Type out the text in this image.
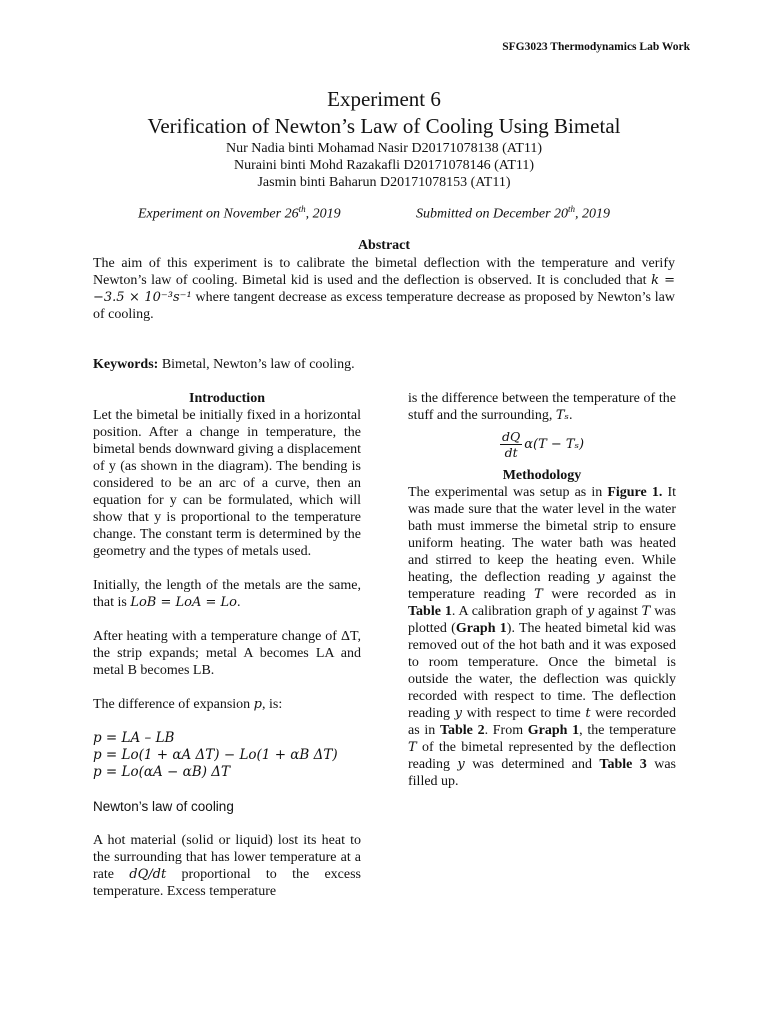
SFG3023 Thermodynamics Lab Work
Experiment 6
Verification of Newton’s Law of Cooling Using Bimetal
Nur Nadia binti Mohamad Nasir D20171078138 (AT11)
Nuraini binti Mohd Razakafli D20171078146 (AT11)
Jasmin binti Baharun D20171078153 (AT11)
Experiment on November 26th, 2019	Submitted on December 20th, 2019
Abstract
The aim of this experiment is to calibrate the bimetal deflection with the temperature and verify Newton’s law of cooling. Bimetal kid is used and the deflection is observed. It is concluded that k = −3.5 × 10⁻³s⁻¹ where tangent decrease as excess temperature decrease as proposed by Newton’s law of cooling.
Keywords: Bimetal, Newton’s law of cooling.
Introduction

Let the bimetal be initially fixed in a horizontal position. After a change in temperature, the bimetal bends downward giving a displacement of y (as shown in the diagram). The bending is considered to be an arc of a curve, then an equation for y can be formulated, which will show that y is proportional to the temperature change. The constant term is determined by the geometry and the types of metals used.

Initially, the length of the metals are the same, that is LoB = LoA = Lo.

After heating with a temperature change of ΔT, the strip expands; metal A becomes LA and metal B becomes LB.

The difference of expansion p, is:

p = LA – LB

p = Lo(1 + αA ΔT) − Lo(1 + αB ΔT)

p = Lo(αA − αB) ΔT

Newton’s law of cooling

A hot material (solid or liquid) lost its heat to the surrounding that has lower temperature at a rate dQ/dt proportional to the excess temperature. Excess temperature

is the difference between the temperature of the stuff and the surrounding, Tₛ.

$\frac{dQ}{dt} \alpha(T - T_s)$
Methodology

The experimental was setup as in Figure 1. It was made sure that the water level in the water bath must immerse the bimetal strip to ensure uniform heating. The water bath was heated and stirred to keep the heating even. While heating, the deflection reading y against the temperature reading T were recorded as in Table 1. A calibration graph of y against T was plotted (Graph 1). The heated bimetal kid was removed out of the hot bath and it was exposed to room temperature. Once the bimetal is outside the water, the deflection was quickly recorded with respect to time. The deflection reading y with respect to time t were recorded as in Table 2. From Graph 1, the temperature T of the bimetal represented by the deflection reading y was determined and Table 3 was filled up.
